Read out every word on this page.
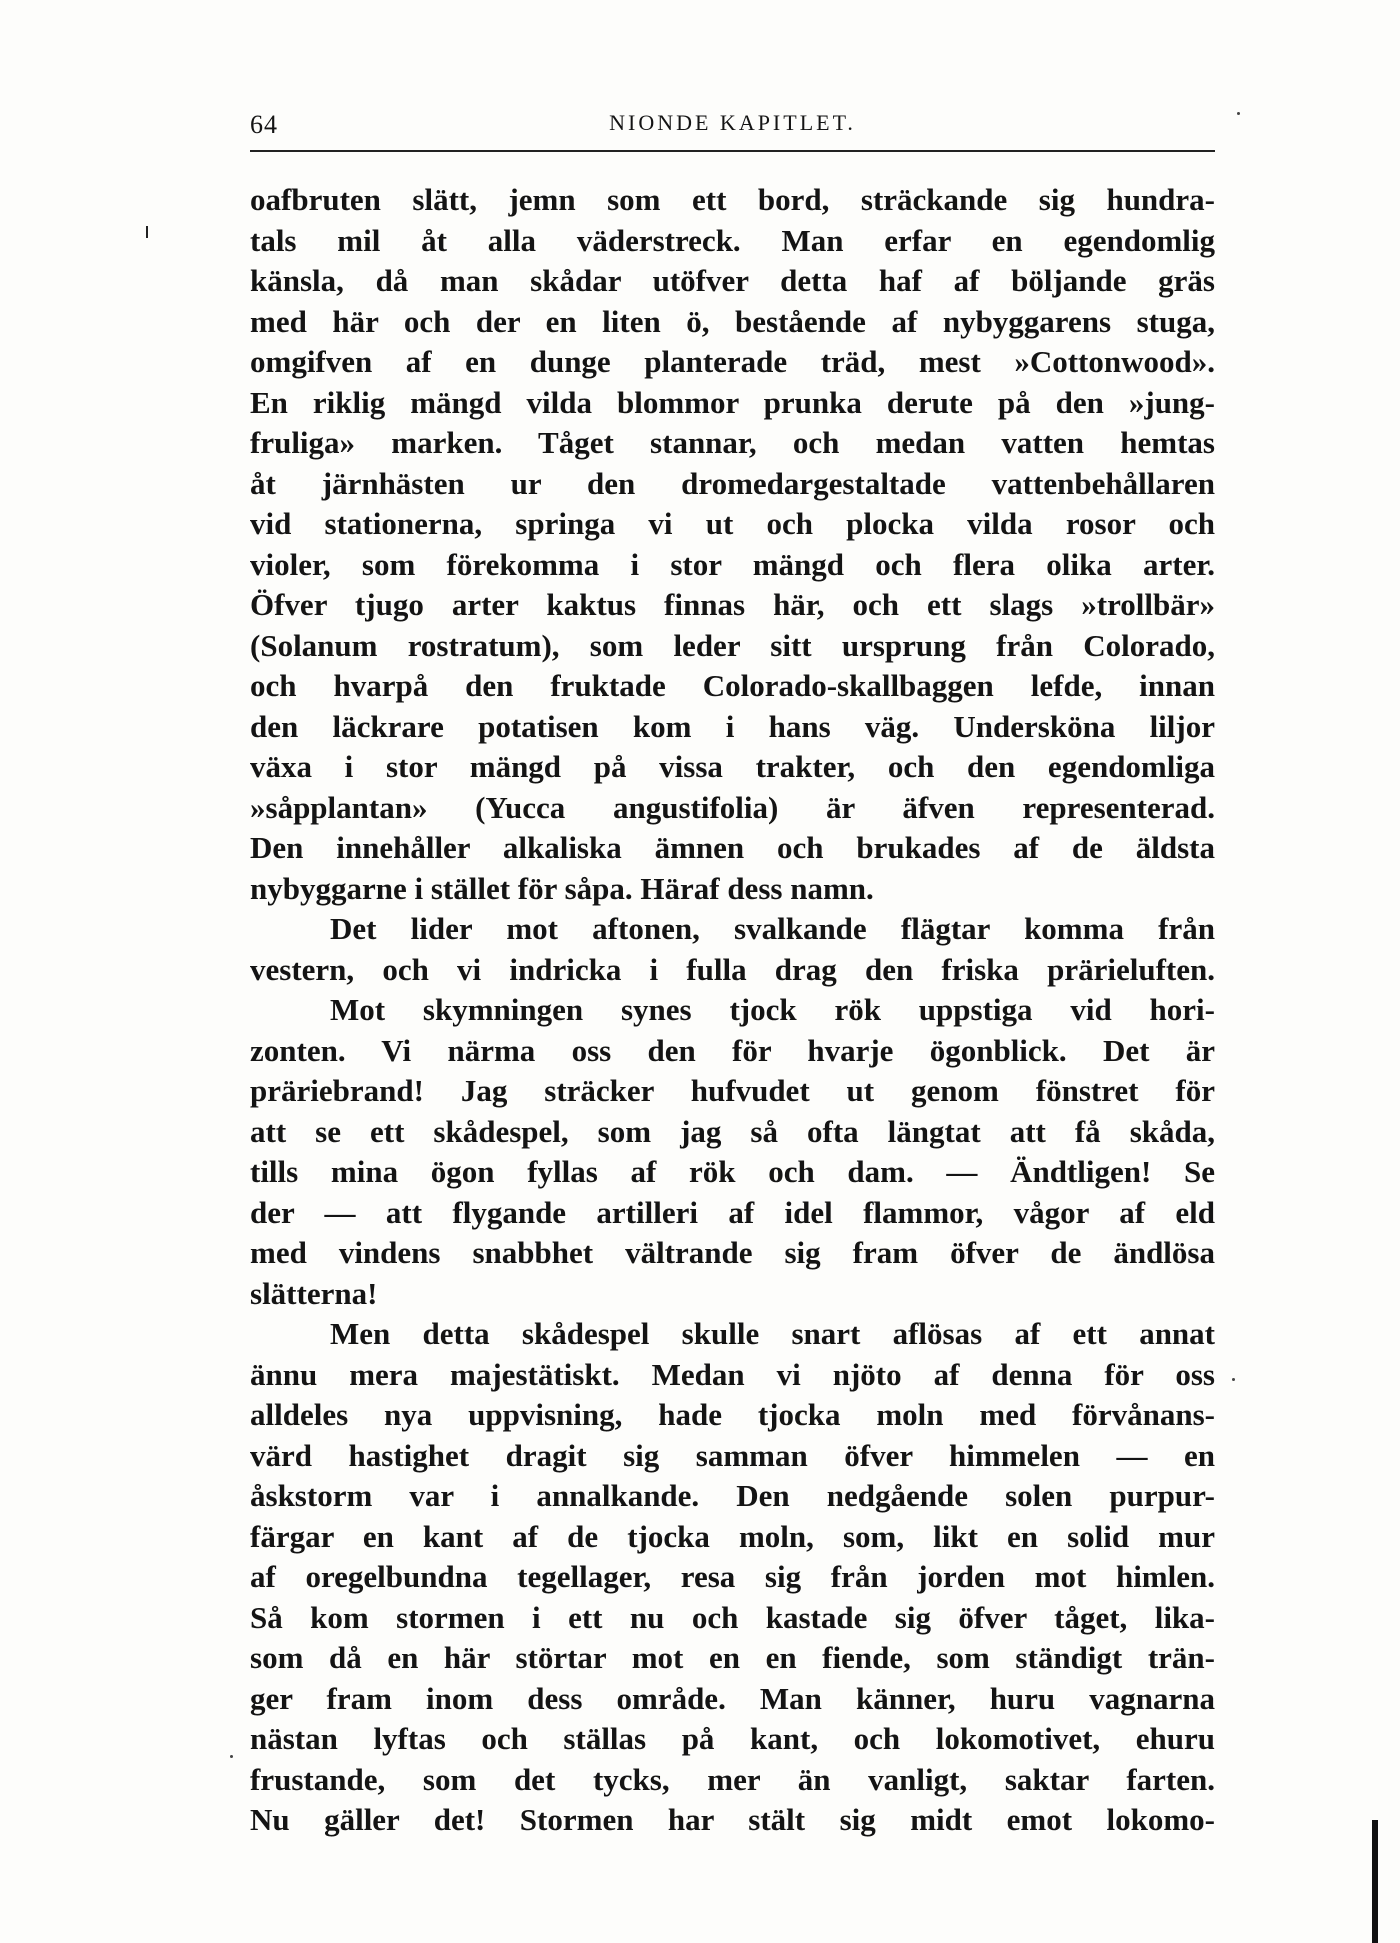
64	NIONDE KAPITLET.
oafbruten slätt, jemn som ett bord, sträckande sig hundra-
tals mil åt alla väderstreck. Man erfar en egendomlig
känsla, då man skådar utöfver detta haf af böljande gräs
med här och der en liten ö, bestående af nybyggarens stuga,
omgifven af en dunge planterade träd, mest »Cottonwood».
En riklig mängd vilda blommor prunka derute på den »jung-
fruliga» marken. Tåget stannar, och medan vatten hemtas
åt järnhästen ur den dromedargestaltade vattenbehållaren
vid stationerna, springa vi ut och plocka vilda rosor och
violer, som förekomma i stor mängd och flera olika arter.
Öfver tjugo arter kaktus finnas här, och ett slags »trollbär»
(Solanum rostratum), som leder sitt ursprung från Colorado,
och hvarpå den fruktade Colorado-skallbaggen lefde, innan
den läckrare potatisen kom i hans väg. Undersköna liljor
växa i stor mängd på vissa trakter, och den egendomliga
»såpplantan» (Yucca angustifolia) är äfven representerad.
Den innehåller alkaliska ämnen och brukades af de äldsta
nybyggarne i stället för såpa. Häraf dess namn.
Det lider mot aftonen, svalkande flägtar komma från
vestern, och vi indricka i fulla drag den friska prärieluften.
Mot skymningen synes tjock rök uppstiga vid hori-
zonten. Vi närma oss den för hvarje ögonblick. Det är
präriebrand! Jag sträcker hufvudet ut genom fönstret för
att se ett skådespel, som jag så ofta längtat att få skåda,
tills mina ögon fyllas af rök och dam. — Ändtligen! Se
der — att flygande artilleri af idel flammor, vågor af eld
med vindens snabbhet vältrande sig fram öfver de ändlösa
slätterna!
Men detta skådespel skulle snart aflösas af ett annat
ännu mera majestätiskt. Medan vi njöto af denna för oss
alldeles nya uppvisning, hade tjocka moln med förvånans-
värd hastighet dragit sig samman öfver himmelen — en
åskstorm var i annalkande. Den nedgående solen purpur-
färgar en kant af de tjocka moln, som, likt en solid mur
af oregelbundna tegellager, resa sig från jorden mot himlen.
Så kom stormen i ett nu och kastade sig öfver tåget, lika-
som då en här störtar mot en en fiende, som ständigt trän-
ger fram inom dess område. Man känner, huru vagnarna
nästan lyftas och ställas på kant, och lokomotivet, ehuru
frustande, som det tycks, mer än vanligt, saktar farten.
Nu gäller det! Stormen har stält sig midt emot lokomo-
